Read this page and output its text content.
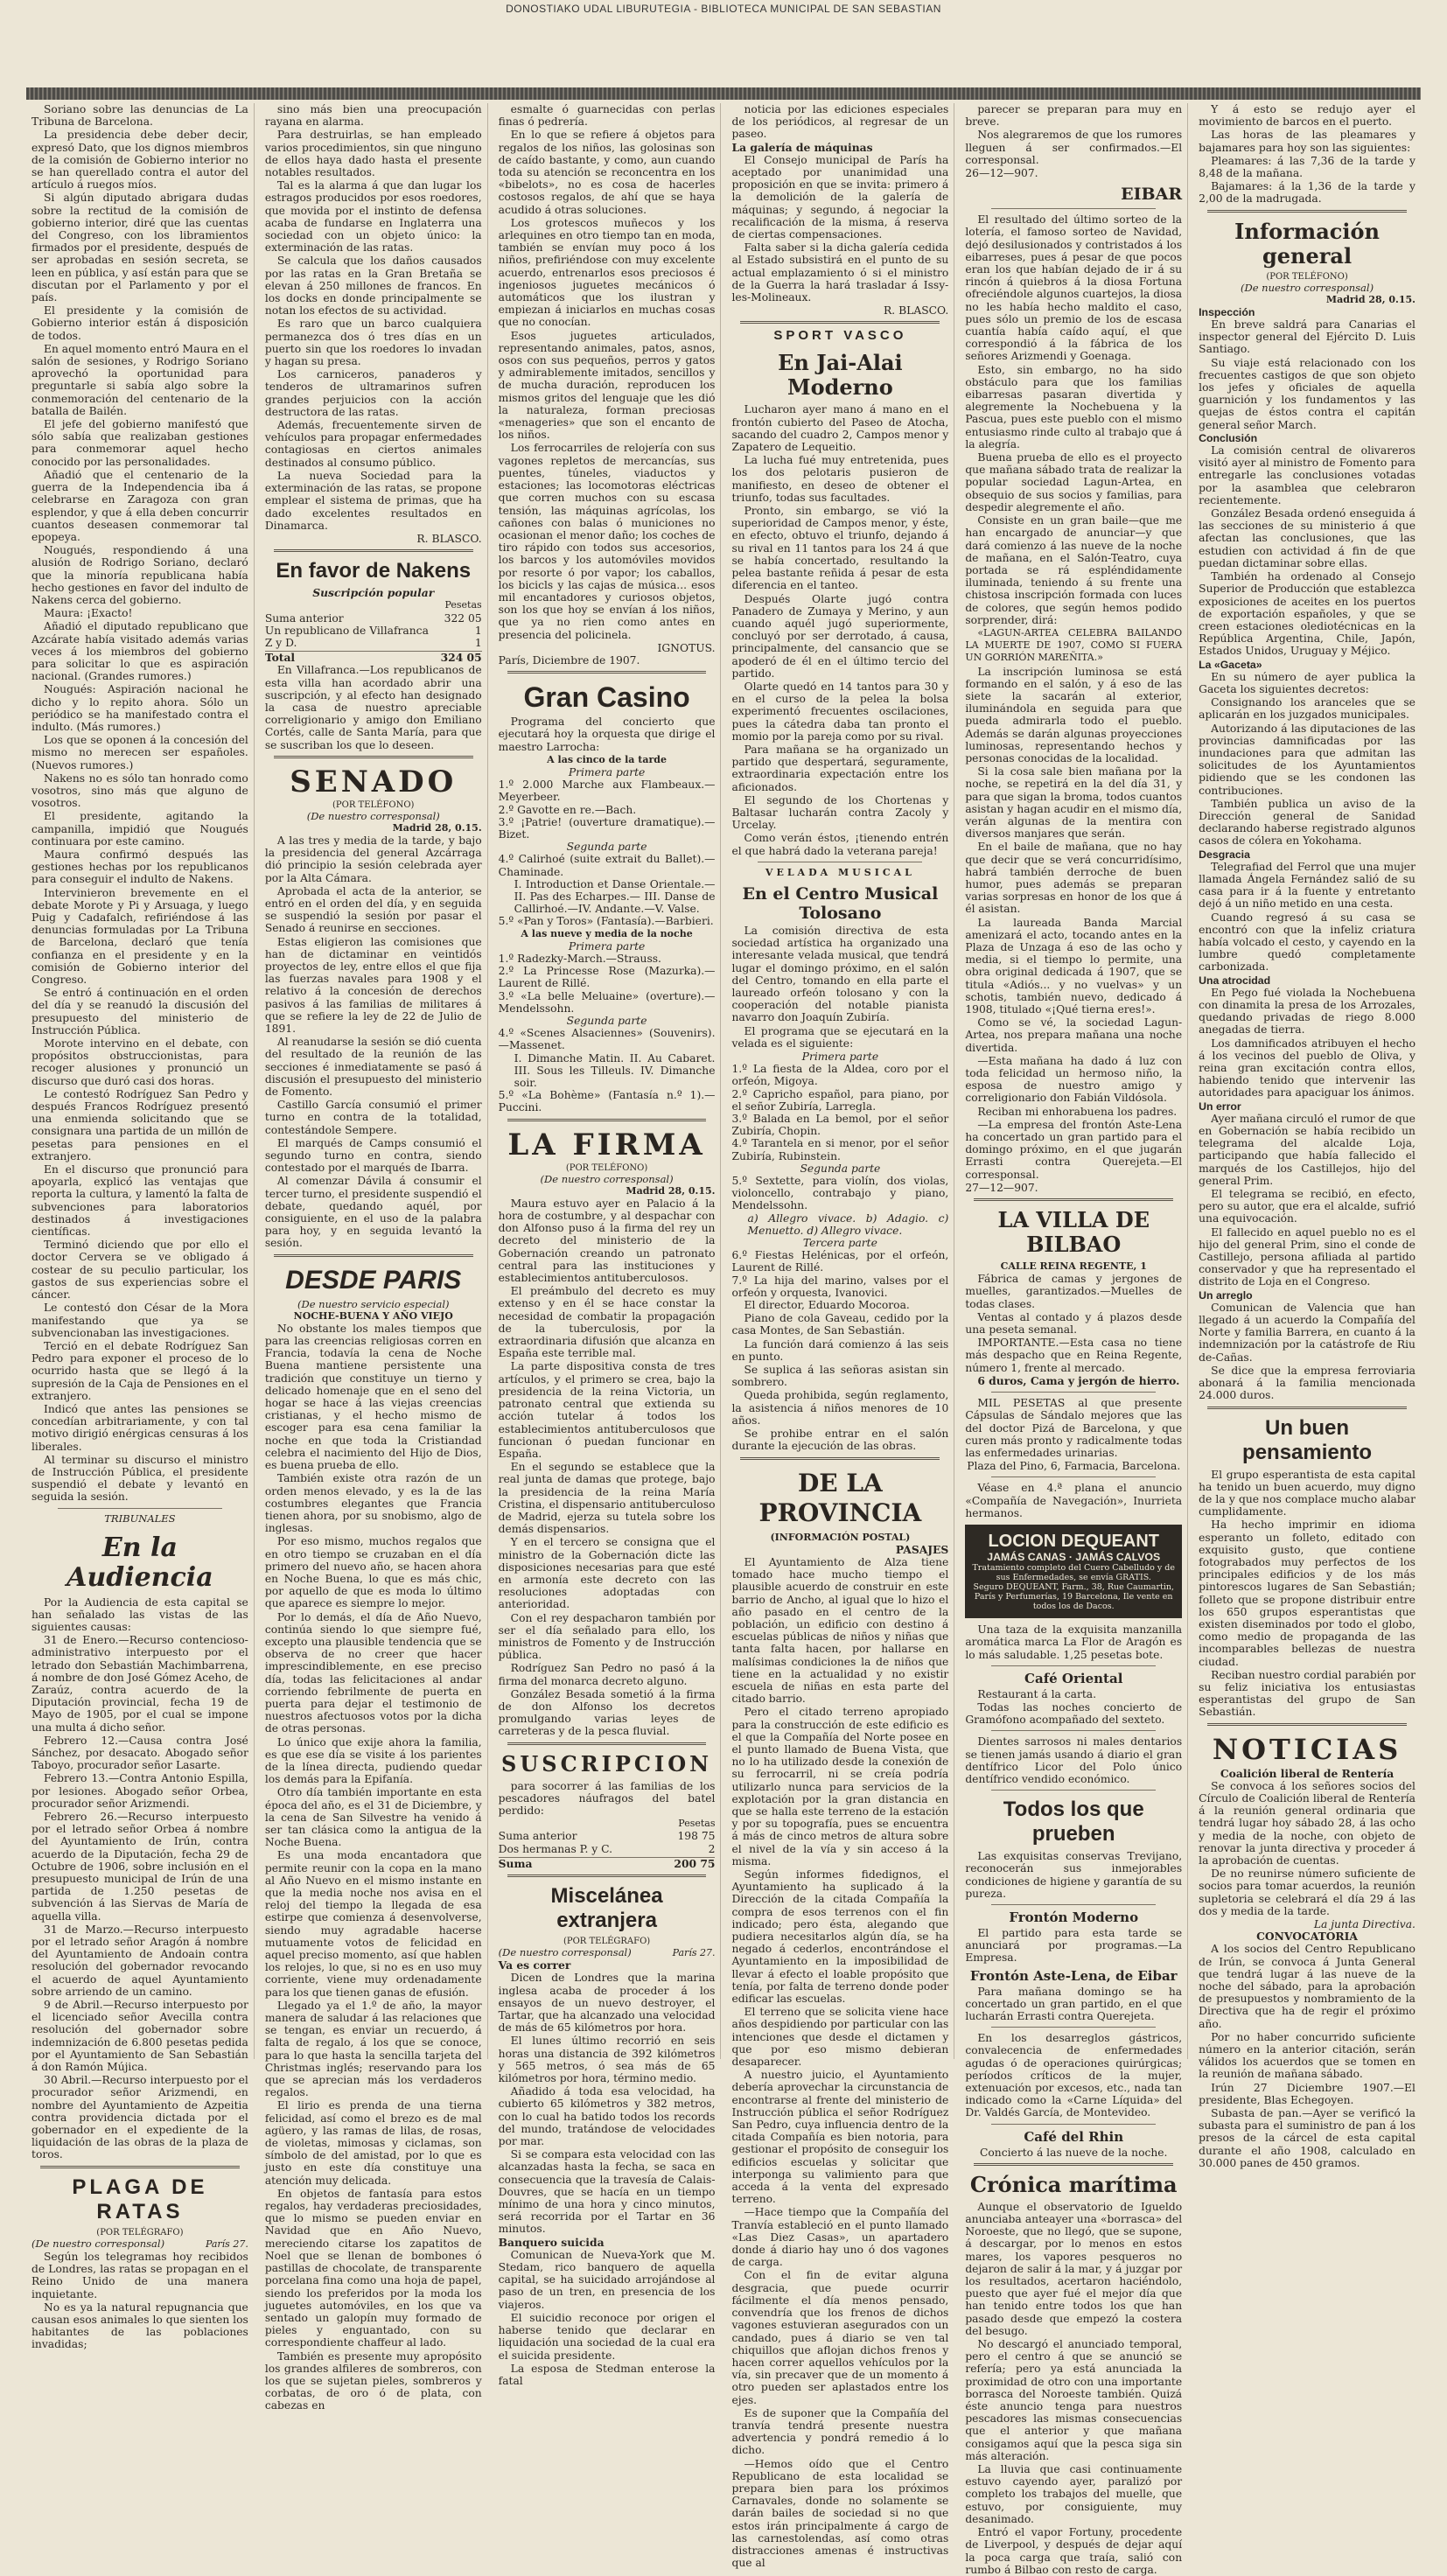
DONOSTIAKO UDAL LIBURUTEGIA - BIBLIOTECA MUNICIPAL DE SAN SEBASTIAN

Soriano sobre las denuncias de La Tribuna de Barcelona.

La presidencia debe deber decir, expresó Dato, que los dignos miembros de la comisión de Gobierno interior no se han querellado contra el autor del artículo á ruegos míos.

Si algún diputado abrigara dudas sobre la rectitud de la comisión de gobierno interior, diré que las cuentas del Congreso, con los libramientos firmados por el presidente, después de ser aprobadas en sesión secreta, se leen en pública, y así están para que se discutan por el Parlamento y por el país.

El presidente y la comisión de Gobierno interior están á disposición de todos.

En aquel momento entró Maura en el salón de sesiones, y Rodrigo Soriano aprovechó la oportunidad para preguntarle si sabía algo sobre la conmemoración del centenario de la batalla de Bailén.

El jefe del gobierno manifestó que sólo sabía que realizaban gestiones para conmemorar aquel hecho conocido por las personalidades.

Añadió que el centenario de la guerra de la Independencia iba á celebrarse en Zaragoza con gran esplendor, y que á ella deben concurrir cuantos deseasen conmemorar tal epopeya.

Nougués, respondiendo á una alusión de Rodrigo Soriano, declaró que la minoría republicana había hecho gestiones en favor del indulto de Nakens cerca del gobierno.

Maura: ¡Exacto!

Añadió el diputado republicano que Azcárate había visitado además varias veces á los miembros del gobierno para solicitar lo que es aspiración nacional. (Grandes rumores.)

Nougués: Aspiración nacional he dicho y lo repito ahora. Sólo un periódico se ha manifestado contra el indulto. (Más rumores.)

Los que se oponen á la concesión del mismo no merecen ser españoles. (Nuevos rumores.)

Nakens no es sólo tan honrado como vosotros, sino más que alguno de vosotros.

El presidente, agitando la campanilla, impidió que Nougués continuara por este camino.

Maura confirmó después las gestiones hechas por los republicanos para conseguir el indulto de Nakens.

Intervinieron brevemente en el debate Morote y Pi y Arsuaga, y luego Puig y Cadafalch, refiriéndose á las denuncias formuladas por La Tribuna de Barcelona, declaró que tenía confianza en el presidente y en la comisión de Gobierno interior del Congreso.

Se entró á continuación en el orden del día y se reanudó la discusión del presupuesto del ministerio de Instrucción Pública.

Morote intervino en el debate, con propósitos obstruccionistas, para recoger alusiones y pronunció un discurso que duró casi dos horas.

Le contestó Rodríguez San Pedro y después Francos Rodríguez presentó una enmienda solicitando que se consignara una partida de un millón de pesetas para pensiones en el extranjero.

En el discurso que pronunció para apoyarla, explicó las ventajas que reporta la cultura, y lamentó la falta de subvenciones para laboratorios destinados á investigaciones científicas.

Terminó diciendo que por ello el doctor Cervera se ve obligado á costear de su peculio particular, los gastos de sus experiencias sobre el cáncer.

Le contestó don César de la Mora manifestando que ya se subvencionaban las investigaciones.

Terció en el debate Rodríguez San Pedro para exponer el proceso de lo ocurrido hasta que se llegó á la supresión de la Caja de Pensiones en el extranjero.

Indicó que antes las pensiones se concedían arbitrariamente, y con tal motivo dirigió enérgicas censuras á los liberales.

Al terminar su discurso el ministro de Instrucción Pública, el presidente suspendió el debate y levantó en seguida la sesión.

TRIBUNALES
En la Audiencia

Por la Audiencia de esta capital se han señalado las vistas de las siguientes causas:

31 de Enero.—Recurso contencioso-administrativo interpuesto por el letrado don Sebastián Machimbarrena, á nombre de don José Gómez Aceho, de Zaraúz, contra acuerdo de la Diputación provincial, fecha 19 de Mayo de 1905, por el cual se impone una multa á dicho señor.

Febrero 12.—Causa contra José Sánchez, por desacato. Abogado señor Taboyo, procurador señor Lasarte.

Febrero 13.—Contra Antonio Espilla, por lesiones. Abogado señor Orbea, procurador señor Arizmendi.

Febrero 26.—Recurso interpuesto por el letrado señor Orbea á nombre del Ayuntamiento de Irún, contra acuerdo de la Diputación, fecha 29 de Octubre de 1906, sobre inclusión en el presupuesto municipal de Irún de una partida de 1.250 pesetas de subvención á las Siervas de María de aquella villa.

31 de Marzo.—Recurso interpuesto por el letrado señor Aragón á nombre del Ayuntamiento de Andoain contra resolución del gobernador revocando el acuerdo de aquel Ayuntamiento sobre arriendo de un camino.

9 de Abril.—Recurso interpuesto por el licenciado señor Avecilla contra resolución del gobernador sobre indemnización de 6.800 pesetas pedida por el Ayuntamiento de San Sebastián á don Ramón Mújica.

30 Abril.—Recurso interpuesto por el procurador señor Arizmendi, en nombre del Ayuntamiento de Azpeitia contra providencia dictada por el gobernador en el expediente de la liquidación de las obras de la plaza de toros.

PLAGA DE RATAS
(POR TELÉGRAFO)
(De nuestro corresponsal)	París 27.

Según los telegramas hoy recibidos de Londres, las ratas se propagan en el Reino Unido de una manera inquietante.

No es ya la natural repugnancia que causan esos animales lo que sienten los habitantes de las poblaciones invadidas;

sino más bien una preocupación rayana en alarma.

Para destruirlas, se han empleado varios procedimientos, sin que ninguno de ellos haya dado hasta el presente notables resultados.

Tal es la alarma á que dan lugar los estragos producidos por esos roedores, que movida por el instinto de defensa acaba de fundarse en Inglaterra una sociedad con un objeto único: la exterminación de las ratas.

Se calcula que los daños causados por las ratas en la Gran Bretaña se elevan á 250 millones de francos. En los docks en donde principalmente se notan los efectos de su actividad.

Es raro que un barco cualquiera permanezca dos ó tres días en un puerto sin que los roedores lo invadan y hagan su presa.

Los carniceros, panaderos y tenderos de ultramarinos sufren grandes perjuicios con la acción destructora de las ratas.

Además, frecuentemente sirven de vehículos para propagar enfermedades contagiosas en ciertos animales destinados al consumo público.

La nueva Sociedad para la exterminación de las ratas, se propone emplear el sistema de primas, que ha dado excelentes resultados en Dinamarca.

R. BLASCO.
En favor de Nakens
Suscripción popular
Pesetas
Suma anterior	322 05
Un republicano de Villafranca	1
Z y D.	1
Total	324 05

En Villafranca.—Los republicanos de esta villa han acordado abrir una suscripción, y al efecto han designado la casa de nuestro apreciable correligionario y amigo don Emiliano Cortés, calle de Santa María, para que se suscriban los que lo deseen.

SENADO
(POR TELÉFONO)
(De nuestro corresponsal)
Madrid 28, 0.15.

A las tres y media de la tarde, y bajo la presidencia del general Azcárraga dió principio la sesión celebrada ayer por la Alta Cámara.

Aprobada el acta de la anterior, se entró en el orden del día, y en seguida se suspendió la sesión por pasar el Senado á reunirse en secciones.

Estas eligieron las comisiones que han de dictaminar en veintidós proyectos de ley, entre ellos el que fija las fuerzas navales para 1908 y el relativo á la concesión de derechos pasivos á las familias de militares á que se refiere la ley de 22 de Julio de 1891.

Al reanudarse la sesión se dió cuenta del resultado de la reunión de las secciones é inmediatamente se pasó á discusión el presupuesto del ministerio de Fomento.

Castillo García consumió el primer turno en contra de la totalidad, contestándole Sempere.

El marqués de Camps consumió el segundo turno en contra, siendo contestado por el marqués de Ibarra.

Al comenzar Dávila á consumir el tercer turno, el presidente suspendió el debate, quedando aquél, por consiguiente, en el uso de la palabra para hoy, y en seguida levantó la sesión.

DESDE PARIS
(De nuestro servicio especial)
NOCHE-BUENA Y AÑO VIEJO

No obstante los males tiempos que para las creencias religiosas corren en Francia, todavía la cena de Noche Buena mantiene persistente una tradición que constituye un tierno y delicado homenaje que en el seno del hogar se hace á las viejas creencias cristianas, y el hecho mismo de escoger para esa cena familiar la noche en que toda la Cristiandad celebra el nacimiento del Hijo de Dios, es buena prueba de ello.

También existe otra razón de un orden menos elevado, y es la de las costumbres elegantes que Francia tienen ahora, por su snobismo, algo de inglesas.

Por eso mismo, muchos regalos que en otro tiempo se cruzaban en el día primero del nuevo año, se hacen ahora en Noche Buena, lo que es más chic, por aquello de que es moda lo último que aparece es siempre lo mejor.

Por lo demás, el día de Año Nuevo, continúa siendo lo que siempre fué, excepto una plausible tendencia que se observa de no creer que hacer imprescindiblemente, en ese preciso día, todas las felicitaciones al andar corriendo febrilmente de puerta en puerta para dejar el testimonio de nuestros afectuosos votos por la dicha de otras personas.

Lo único que exije ahora la familia, es que ese día se visite á los parientes de la línea directa, pudiendo quedar los demás para la Epifanía.

Otro día también importante en esta época del año, es el 31 de Diciembre, y la cena de San Silvestre ha venido á ser tan clásica como la antigua de la Noche Buena.

Es una moda encantadora que permite reunir con la copa en la mano al Año Nuevo en el mismo instante en que la media noche nos avisa en el reloj del tiempo la llegada de esa estirpe que comienza á desenvolverse, siendo muy agradable hacerse mutuamente votos de felicidad en aquel preciso momento, así que hablen los relojes, lo que, si no es en uso muy corriente, viene muy ordenadamente para los que tienen ganas de efusión.

Llegado ya el 1.º de año, la mayor manera de saludar á las relaciones que se tengan, es enviar un recuerdo, á falta de regalo, á los que se conoce, para lo que hasta la sencilla tarjeta del Christmas inglés; reservando para los que se aprecian más los verdaderos regalos.

El lirio es prenda de una tierna felicidad, así como el brezo es de mal agüero, y las ramas de lilas, de rosas, de violetas, mimosas y ciclamas, son símbolo de del amistad, por lo que es justo en este día constituye una atención muy delicada.

En objetos de fantasía para estos regalos, hay verdaderas preciosidades, que lo mismo se pueden enviar en Navidad que en Año Nuevo, mereciendo citarse los zapatitos de Noel que se llenan de bombones ó pastillas de chocolate, de transparente porcelana fina como una hoja de papel, siendo los preferidos por la moda los juguetes automóviles, en los que va sentado un galopín muy formado de pieles y enguantado, con su correspondiente chaffeur al lado.

También es presente muy apropósito los grandes alfileres de sombreros, con los que se sujetan pieles, sombreros y corbatas, de oro ó de plata, con cabezas en

esmalte ó guarnecidas con perlas finas ó pedrería.

En lo que se refiere á objetos para regalos de los niños, las golosinas son de caído bastante, y como, aun cuando toda su atención se reconcentra en los «bibelots», no es cosa de hacerles costosos regalos, de ahí que se haya acudido á otras soluciones.

Los grotescos muñecos y los arlequines en otro tiempo tan en moda, también se envían muy poco á los niños, prefiriéndose con muy excelente acuerdo, entrenarlos esos preciosos é ingeniosos juguetes mecánicos ó automáticos que los ilustran y empiezan á iniciarlos en muchas cosas que no conocían.

Esos juguetes articulados, representando animales, patos, asnos, osos con sus pequeños, perros y gatos y admirablemente imitados, sencillos y de mucha duración, reproducen los mismos gritos del lenguaje que les dió la naturaleza, forman preciosas «menageries» que son el encanto de los niños.

Los ferrocarriles de relojería con sus vagones repletos de mercancías, sus puentes, túneles, viaductos y estaciones; las locomotoras eléctricas que corren muchos con su escasa tensión, las máquinas agrícolas, los cañones con balas ó municiones no ocasionan el menor daño; los coches de tiro rápido con todos sus accesorios, los barcos y los automóviles movidos por resorte ó por vapor; los caballos, los bicicls y las cajas de música... esos mil encantadores y curiosos objetos, son los que hoy se envían á los niños, que ya no rien como antes en presencia del policinela.

IGNOTUS.
París, Diciembre de 1907.
Gran Casino

Programa del concierto que ejecutará hoy la orquesta que dirige el maestro Larrocha:

A las cinco de la tarde
Primera parte
1.º 2.000 Marche aux Flambeaux.— Meyerbeer.
2.º Gavotte en re.—Bach.
3.º ¡Patrie! (ouverture dramatique).— Bizet.
Segunda parte
4.º Calirhoé (suite extrait du Ballet).— Chaminade.
I. Introduction et Danse Orientale.—II. Pas des Echarpes.— III. Danse de Callirhoé.—IV. Andante.—V. Valse.
5.º «Pan y Toros» (Fantasía).—Barbieri.
A las nueve y media de la noche
Primera parte
1.º Radezky-March.—Strauss.
2.º La Princesse Rose (Mazurka).— Laurent de Rillé.
3.º «La belle Meluaine» (overture).— Mendelssohn.
Segunda parte
4.º «Scenes Alsaciennes» (Souvenirs). —Massenet.
I. Dimanche Matin. II. Au Cabaret. III. Sous les Tilleuls. IV. Dimanche soir.
5.º «La Bohème» (Fantasía n.º 1).— Puccini.
LA FIRMA
(POR TELÉFONO)
(De nuestro corresponsal)
Madrid 28, 0.15.

Maura estuvo ayer en Palacio á la hora de costumbre, y al despachar con don Alfonso puso á la firma del rey un decreto del ministerio de la Gobernación creando un patronato central para las instituciones y establecimientos antituberculosos.

El preámbulo del decreto es muy extenso y en él se hace constar la necesidad de combatir la propagación de la tuberculosis, por la extraordinaria difusión que alcanza en España este terrible mal.

La parte dispositiva consta de tres artículos, y el primero se crea, bajo la presidencia de la reina Victoria, un patronato central que extienda su acción tutelar á todos los establecimientos antituberculosos que funcionan ó puedan funcionar en España.

En el segundo se establece que la real junta de damas que protege, bajo la presidencia de la reina María Cristina, el dispensario antituberculoso de Madrid, ejerza su tutela sobre los demás dispensarios.

Y en el tercero se consigna que el ministro de la Gobernación dicte las disposiciones necesarias para que esté en armonía este decreto con las resoluciones adoptadas con anterioridad.

Con el rey despacharon también por ser el día señalado para ello, los ministros de Fomento y de Instrucción pública.

Rodríguez San Pedro no pasó á la firma del monarca decreto alguno.

González Besada sometió á la firma de don Alfonso los decretos promulgando varias leyes de carreteras y de la pesca fluvial.

SUSCRIPCION

para socorrer á las familias de los pescadores náufragos del batel perdido:

Pesetas
Suma anterior	198 75
Dos hermanas P. y C.	2
Suma	200 75
Miscelánea extranjera
(POR TELÉGRAFO)
(De nuestro corresponsal)	París 27.
Va es correr

Dicen de Londres que la marina inglesa acaba de proceder á los ensayos de un nuevo destroyer, el Tartar, que ha alcanzado una velocidad de más de 65 kilómetros por hora.

El lunes último recorrió en seis horas una distancia de 392 kilómetros y 565 metros, ó sea más de 65 kilómetros por hora, término medio.

Añadido á toda esa velocidad, ha cubierto 65 kilómetros y 382 metros, con lo cual ha batido todos los records del mundo, tratándose de velocidades por mar.

Si se compara esta velocidad con las alcanzadas hasta la fecha, se saca en consecuencia que la travesía de Calais-Douvres, que se hacía en un tiempo mínimo de una hora y cinco minutos, será recorrida por el Tartar en 36 minutos.

Banquero suicida

Comunican de Nueva-York que M. Stedam, rico banquero de aquella capital, se ha suicidado arrojándose al paso de un tren, en presencia de los viajeros.

El suicidio reconoce por origen el haberse tenido que declarar en liquidación una sociedad de la cual era el suicida presidente.

La esposa de Stedman enterose la fatal

noticia por las ediciones especiales de los periódicos, al regresar de un paseo.

La galería de máquinas

El Consejo municipal de París ha aceptado por unanimidad una proposición en que se invita: primero á la demolición de la galería de máquinas; y segundo, á negociar la recalificación de la misma, á reserva de ciertas compensaciones.

Falta saber si la dicha galería cedida al Estado subsistirá en el punto de su actual emplazamiento ó si el ministro de la Guerra la hará trasladar á Issy-les-Molineaux.

R. BLASCO.
SPORT VASCO
En Jai-Alai Moderno

Lucharon ayer mano á mano en el frontón cubierto del Paseo de Atocha, sacando del cuadro 2, Campos menor y Zapatero de Lequeitio.

La lucha fué muy entretenida, pues los dos pelotaris pusieron de manifiesto, en deseo de obtener el triunfo, todas sus facultades.

Pronto, sin embargo, se vió la superioridad de Campos menor, y éste, en efecto, obtuvo el triunfo, dejando á su rival en 11 tantos para los 24 á que se había concertado, resultando la pelea bastante reñida á pesar de esta diferencia en el tanteo.

Después Olarte jugó contra Panadero de Zumaya y Merino, y aun cuando aquél jugó superiormente, concluyó por ser derrotado, á causa, principalmente, del cansancio que se apoderó de él en el último tercio del partido.

Olarte quedó en 14 tantos para 30 y en el curso de la pelea la bolsa experimentó frecuentes oscilaciones, pues la cátedra daba tan pronto el momio por la pareja como por su rival.

Para mañana se ha organizado un partido que despertará, seguramente, extraordinaria expectación entre los aficionados.

El segundo de los Chortenas y Baltasar lucharán contra Zacoly y Urcelay.

Como verán éstos, ¡tienendo entrén el que habrá dado la veterana pareja!

VELADA MUSICAL
En el Centro Musical Tolosano

La comisión directiva de esta sociedad artística ha organizado una interesante velada musical, que tendrá lugar el domingo próximo, en el salón del Centro, tomando en ella parte el laureado orfeón tolosano y con la cooperación del notable pianista navarro don Joaquín Zubiría.

El programa que se ejecutará en la velada es el siguiente:

Primera parte
1.º La fiesta de la Aldea, coro por el orfeón, Migoya.
2.º Capricho español, para piano, por el señor Zubiría, Larregla.
3.º Balada en La bemol, por el señor Zubiría, Chopin.
4.º Tarantela en si menor, por el señor Zubiría, Rubinstein.
Segunda parte
5.º Sextette, para violín, dos violas, violoncello, contrabajo y piano, Mendelssohn.
a) Allegro vivace. b) Adagio. c) Menuetto. d) Allegro vivace.
Tercera parte
6.º Fiestas Helénicas, por el orfeón, Laurent de Rillé.
7.º La hija del marino, valses por el orfeón y orquesta, Ivanovici.

El director, Eduardo Mocoroa.

Piano de cola Gaveau, cedido por la casa Montes, de San Sebastián.

La función dará comienzo á las seis en punto.

Se suplica á las señoras asistan sin sombrero.

Queda prohibida, según reglamento, la asistencia á niños menores de 10 años.

Se prohibe entrar en el salón durante la ejecución de las obras.

DE LA PROVINCIA
(INFORMACIÓN POSTAL)
PASAJES

El Ayuntamiento de Alza tiene tomado hace mucho tiempo el plausible acuerdo de construir en este barrio de Ancho, al igual que lo hizo el año pasado en el centro de la población, un edificio con destino á escuelas públicas de niños y niñas que tanta falta hacen, por hallarse en malísimas condiciones la de niños que tiene en la actualidad y no existir escuela de niñas en esta parte del citado barrio.

Pero el citado terreno apropiado para la construcción de este edificio es el que la Compañía del Norte posee en el punto llamado de Buena Vista, que no lo ha utilizado desde la conexión de su ferrocarril, ni se creía podría utilizarlo nunca para servicios de la explotación por la gran distancia en que se halla este terreno de la estación y por su topografía, pues se encuentra á más de cinco metros de altura sobre el nivel de la vía y sin acceso á la misma.

Según informes fidedignos, el Ayuntamiento ha suplicado á la Dirección de la citada Compañía la compra de esos terrenos con el fin indicado; pero ésta, alegando que pudiera necesitarlos algún día, se ha negado á cederlos, encontrándose el Ayuntamiento en la imposibilidad de llevar á efecto el loable propósito que tenía, por falta de terreno donde poder edificar las escuelas.

El terreno que se solicita viene hace años despidiendo por particular con las intenciones que desde el dictamen y que por eso mismo debieran desaparecer.

A nuestro juicio, el Ayuntamiento debería aprovechar la circunstancia de encontrarse al frente del ministerio de Instrucción pública el señor Rodríguez San Pedro, cuya influencia dentro de la citada Compañía es bien notoria, para gestionar el propósito de conseguir los edificios escuelas y solicitar que interponga su valimiento para que acceda á la venta del expresado terreno.

—Hace tiempo que la Compañía del Tranvía estableció en el punto llamado «Las Diez Casas», un apartadero donde á diario hay uno ó dos vagones de carga.

Con el fin de evitar alguna desgracia, que puede ocurrir fácilmente el día menos pensado, convendría que los frenos de dichos vagones estuvieran asegurados con un candado, pues á diario se ven tal chiquillos que aflojan dichos frenos y hacen correr aquellos vehículos por la vía, sin precaver que de un momento á otro pueden ser aplastados entre los ejes.

Es de suponer que la Compañía del tranvía tendrá presente nuestra advertencia y pondrá remedio á lo dicho.

—Hemos oído que el Centro Republicano de esta localidad se prepara bien para los próximos Carnavales, donde no solamente se darán bailes de sociedad si no que estos irán principalmente á cargo de las carnestolendas, así como otras distracciones amenas é instructivas que al

parecer se preparan para muy en breve.

Nos alegraremos de que los rumores lleguen á ser confirmados.—El corresponsal.

26—12—907.
EIBAR

El resultado del último sorteo de la lotería, el famoso sorteo de Navidad, dejó desilusionados y contristados á los eibarreses, pues á pesar de que pocos eran los que habían dejado de ir á su rincón á quiebros á la diosa Fortuna ofreciéndole algunos cuartejos, la diosa no les había hecho maldito el caso, pues sólo un premio de los de escasa cuantía había caído aquí, el que correspondió á la fábrica de los señores Arizmendi y Goenaga.

Esto, sin embargo, no ha sido obstáculo para que los familias eibarresas pasaran divertida y alegremente la Nochebuena y la Pascua, pues este pueblo con el mismo entusiasmo rinde culto al trabajo que á la alegría.

Buena prueba de ello es el proyecto que mañana sábado trata de realizar la popular sociedad Lagun-Artea, en obsequio de sus socios y familias, para despedir alegremente el año.

Consiste en un gran baile—que me han encargado de anunciar—y que dará comienzo á las nueve de la noche de mañana, en el Salón-Teatro, cuya portada se rá espléndidamente iluminada, teniendo á su frente una chistosa inscripción formada con luces de colores, que según hemos podido sorprender, dirá:

«LAGUN-ARTEA CELEBRA BAILANDO LA MUERTE DE 1907, COMO SI FUERA UN GORRIÓN MAREÑITA.»

La inscripción luminosa se está formando en el salón, y á eso de las siete la sacarán al exterior, iluminándola en seguida para que pueda admirarla todo el pueblo. Además se darán algunas proyecciones luminosas, representando hechos y personas conocidas de la localidad.

Si la cosa sale bien mañana por la noche, se repetirá en la del día 31, y para que sigan la broma, todos cuantos asistan y hagan acudir en el mismo día, verán algunas de la mentira con diversos manjares que serán.

En el baile de mañana, que no hay que decir que se verá concurridísimo, habrá también derroche de buen humor, pues además se preparan varias sorpresas en honor de los que á él asistan.

La laureada Banda Marcial amenizará el acto, tocando antes en la Plaza de Unzaga á eso de las ocho y media, si el tiempo lo permite, una obra original dedicada á 1907, que se titula «Adiós... y no vuelvas» y un schotis, también nuevo, dedicado á 1908, titulado «¡Qué tierna eres!».

Como se vé, la sociedad Lagun-Artea, nos prepara mañana una noche divertida.

—Esta mañana ha dado á luz con toda felicidad un hermoso niño, la esposa de nuestro amigo y correligionario don Fabián Vildósola.

Reciban mi enhorabuena los padres.

—La empresa del frontón Aste-Lena ha concertado un gran partido para el domingo próximo, en el que jugarán Errasti contra Querejeta.—El corresponsal.

27—12—907.
LA VILLA DE BILBAO
CALLE REINA REGENTE, 1

Fábrica de camas y jergones de muelles, garantizados.—Muelles de todas clases.

Ventas al contado y á plazos desde una peseta semanal.

IMPORTANTE.—Esta casa no tiene más despacho que en Reina Regente, número 1, frente al mercado.

6 duros, Cama y jergón de hierro.

MIL PESETAS al que presente Cápsulas de Sándalo mejores que las del doctor Pizá de Barcelona, y que curen más pronto y radicalmente todas las enfermedades urinarias.

Plaza del Pino, 6, Farmacia, Barcelona.

Véase en 4.ª plana el anuncio «Compañía de Navegación», Inurrieta hermanos.

LOCION DEQUEANT
JAMÁS CANAS · JAMÁS CALVOS
Tratamiento completo del Cuero Cabelludo y de sus Enfermedades, se envía GRATIS.
Seguro DEQUEANT, Farm., 38, Rue Caumartin, París y Perfumerías, 19 Barcelona, Ile vente en todos los de Dacos.

Una taza de la exquisita manzanilla aromática marca La Flor de Aragón es lo más saludable. 1,25 pesetas bote.

Café Oriental

Restaurant á la carta.

Todas las noches concierto de Gramófono acompañado del sexteto.

Dientes sarrosos ni males dentarios se tienen jamás usando á diario el gran dentífrico Licor del Polo único dentífrico vendido económico.

Todos los que prueben

Las exquisitas conservas Trevijano, reconocerán sus inmejorables condiciones de higiene y garantía de su pureza.

Frontón Moderno

El partido para esta tarde se anunciará por programas.—La Empresa.

Frontón Aste-Lena, de Eibar

Para mañana domingo se ha concertado un gran partido, en el que lucharán Errasti contra Querejeta.

En los desarreglos gástricos, convalecencia de enfermedades agudas ó de operaciones quirúrgicas; períodos críticos de la mujer, extenuación por excesos, etc., nada tan indicado como la «Carne Líquida» del Dr. Valdés García, de Montevideo.

Café del Rhin
Concierto á las nueve de la noche.
Crónica marítima

Aunque el observatorio de Igueldo anunciaba anteayer una «borrasca» del Noroeste, que no llegó, que se supone, á descargar, por lo menos en estos mares, los vapores pesqueros no dejaron de salir á la mar, y á juzgar por los resultados, acertaron haciéndolo, puesto que ayer fué el mejor día que han tenido entre todos los que han pasado desde que empezó la costera del besugo.

No descargó el anunciado temporal, pero el centro á que se anunció se refería; pero ya está anunciada la proximidad de otro con una importante borrasca del Noroeste también. Quizá éste anuncio tenga para nuestros pescadores las mismas consecuencias que el anterior y que mañana consigamos aquí que la pesca siga sin más alteración.

La lluvia que casi continuamente estuvo cayendo ayer, paralizó por completo los trabajos del muelle, que estuvo, por consiguiente, muy desanimado.

Entró el vapor Fortuny, procedente de Liverpool, y después de dejar aquí la poca carga que traía, salió con rumbo á Bilbao con resto de carga.

Y á esto se redujo ayer el movimiento de barcos en el puerto.

Las horas de las pleamares y bajamares para hoy son las siguientes:

Pleamares: á las 7,36 de la tarde y 8,48 de la mañana.

Bajamares: á la 1,36 de la tarde y 2,00 de la madrugada.

Información general
(POR TELÉFONO)
(De nuestro corresponsal)
Madrid 28, 0.15.
Inspección

En breve saldrá para Canarias el inspector general del Ejército D. Luis Santiago.

Su viaje está relacionado con los frecuentes castigos de que son objeto los jefes y oficiales de aquella guarnición y los fundamentos y las quejas de éstos contra el capitán general señor March.

Conclusión

La comisión central de olivareros visitó ayer al ministro de Fomento para entregarle las conclusiones votadas por la asamblea que celebraron recientemente.

González Besada ordenó enseguida á las secciones de su ministerio á que afectan las conclusiones, que las estudien con actividad á fin de que puedan dictaminar sobre ellas.

También ha ordenado al Consejo Superior de Producción que establezca exposiciones de aceites en los puertos de exportación españoles, y que se creen estaciones olediotécnicas en la República Argentina, Chile, Japón, Estados Unidos, Uruguay y Méjico.

La «Gaceta»

En su número de ayer publica la Gaceta los siguientes decretos:

Consignando los aranceles que se aplicarán en los juzgados municipales.

Autorizando á las diputaciones de las provincias damnificadas por las inundaciones para que admitan las solicitudes de los Ayuntamientos pidiendo que se les condonen las contribuciones.

También publica un aviso de la Dirección general de Sanidad declarando haberse registrado algunos casos de cólera en Yokohama.

Desgracia

Telegrafiad del Ferrol que una mujer llamada Ángela Fernández salió de su casa para ir á la fuente y entretanto dejó á un niño metido en una cesta.

Cuando regresó á su casa se encontró con que la infeliz criatura había volcado el cesto, y cayendo en la lumbre quedó completamente carbonizada.

Una atrocidad

En Pego fué violada la Nochebuena con dinamita la presa de los Arrozales, quedando privadas de riego 8.000 anegadas de tierra.

Los damnificados atribuyen el hecho á los vecinos del pueblo de Oliva, y reina gran excitación contra ellos, habiendo tenido que intervenir las autoridades para apaciguar los ánimos.

Un error

Ayer mañana circuló el rumor de que en Gobernación se había recibido un telegrama del alcalde Loja, participando que había fallecido el marqués de los Castillejos, hijo del general Prim.

El telegrama se recibió, en efecto, pero su autor, que era el alcalde, sufrió una equivocación.

El fallecido en aquel pueblo no es el hijo del general Prim, sino el conde de Castillejo, persona afiliada al partido conservador y que ha representado el distrito de Loja en el Congreso.

Un arreglo

Comunican de Valencia que han llegado á un acuerdo la Compañía del Norte y familia Barrera, en cuanto á la indemnización por la catástrofe de Riu de-Cañas.

Se dice que la empresa ferroviaria abonará á la familia mencionada 24.000 duros.

Un buen pensamiento

El grupo esperantista de esta capital ha tenido un buen acuerdo, muy digno de la y que nos complace mucho alabar cumplidamente.

Ha hecho imprimir en idioma esperanto un folleto, editado con exquisito gusto, que contiene fotograbados muy perfectos de los principales edificios y de los más pintorescos lugares de San Sebastián; folleto que se propone distribuir entre los 650 grupos esperantistas que existen diseminados por todo el globo, como medio de propaganda de las incomparables bellezas de nuestra ciudad.

Reciban nuestro cordial parabién por su feliz iniciativa los entusiastas esperantistas del grupo de San Sebastián.

NOTICIAS
Coalición liberal de Rentería

Se convoca á los señores socios del Círculo de Coalición liberal de Rentería á la reunión general ordinaria que tendrá lugar hoy sábado 28, á las ocho y media de la noche, con objeto de renovar la junta directiva y proceder á la aprobación de cuentas.

De no reunirse número suficiente de socios para tomar acuerdos, la reunión supletoria se celebrará el día 29 á las dos y media de la tarde.

La junta Directiva.
CONVOCATORIA

A los socios del Centro Republicano de Irún, se convoca á Junta General que tendrá lugar á las nueve de la noche del sábado, para la aprobación de presupuestos y nombramiento de la Directiva que ha de regir el próximo año.

Por no haber concurrido suficiente número en la anterior citación, serán válidos los acuerdos que se tomen en la reunión de mañana sábado.

Irún 27 Diciembre 1907.—El presidente, Blas Echegoyen.

Subasta de pan.—Ayer se verificó la subasta para el suministro de pan á los presos de la cárcel de esta capital durante el año 1908, calculado en 30.000 panes de 450 gramos.
